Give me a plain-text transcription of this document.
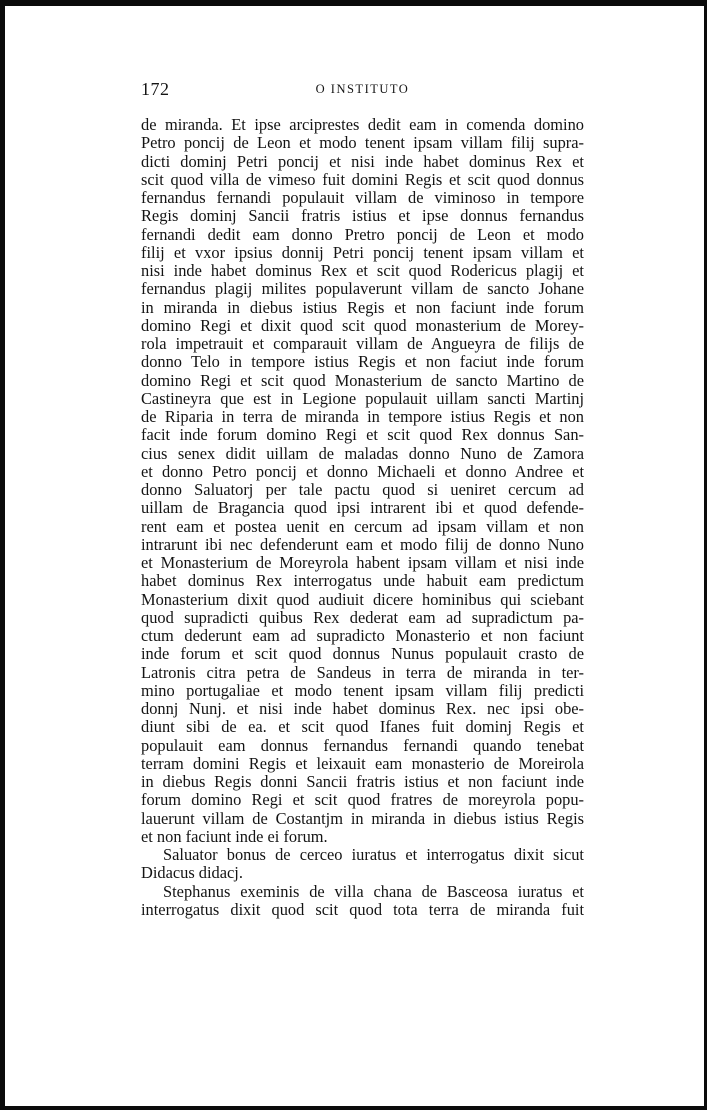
172	O INSTITUTO
de miranda. Et ipse arciprestes dedit eam in comenda domino
Petro poncij de Leon et modo tenent ipsam villam filij supra-
dicti dominj Petri poncij et nisi inde habet dominus Rex et
scit quod villa de vimeso fuit domini Regis et scit quod donnus
fernandus fernandi populauit villam de viminoso in tempore
Regis dominj Sancii fratris istius et ipse donnus fernandus
fernandi dedit eam donno Pretro poncij de Leon et modo
filij et vxor ipsius donnij Petri poncij tenent ipsam villam et
nisi inde habet dominus Rex et scit quod Rodericus plagij et
fernandus plagij milites populaverunt villam de sancto Johane
in miranda in diebus istius Regis et non faciunt inde forum
domino Regi et dixit quod scit quod monasterium de Morey-
rola impetrauit et comparauit villam de Angueyra de filijs de
donno Telo in tempore istius Regis et non faciut inde forum
domino Regi et scit quod Monasterium de sancto Martino de
Castineyra que est in Legione populauit uillam sancti Martinj
de Riparia in terra de miranda in tempore istius Regis et non
facit inde forum domino Regi et scit quod Rex donnus San-
cius senex didit uillam de maladas donno Nuno de Zamora
et donno Petro poncij et donno Michaeli et donno Andree et
donno Saluatorj per tale pactu quod si ueniret cercum ad
uillam de Bragancia quod ipsi intrarent ibi et quod defende-
rent eam et postea uenit en cercum ad ipsam villam et non
intrarunt ibi nec defenderunt eam et modo filij de donno Nuno
et Monasterium de Moreyrola habent ipsam villam et nisi inde
habet dominus Rex interrogatus unde habuit eam predictum
Monasterium dixit quod audiuit dicere hominibus qui sciebant
quod supradicti quibus Rex dederat eam ad supradictum pa-
ctum dederunt eam ad supradicto Monasterio et non faciunt
inde forum et scit quod donnus Nunus populauit crasto de
Latronis citra petra de Sandeus in terra de miranda in ter-
mino portugaliae et modo tenent ipsam villam filij predicti
donnj Nunj. et nisi inde habet dominus Rex. nec ipsi obe-
diunt sibi de ea. et scit quod Ifanes fuit dominj Regis et
populauit eam donnus fernandus fernandi quando tenebat
terram domini Regis et leixauit eam monasterio de Moreirola
in diebus Regis donni Sancii fratris istius et non faciunt inde
forum domino Regi et scit quod fratres de moreyrola popu-
lauerunt villam de Costantjm in miranda in diebus istius Regis
et non faciunt inde ei forum.
Saluator bonus de cerceo iuratus et interrogatus dixit sicut
Didacus didacj.
Stephanus exeminis de villa chana de Basceosa iuratus et
interrogatus dixit quod scit quod tota terra de miranda fuit
